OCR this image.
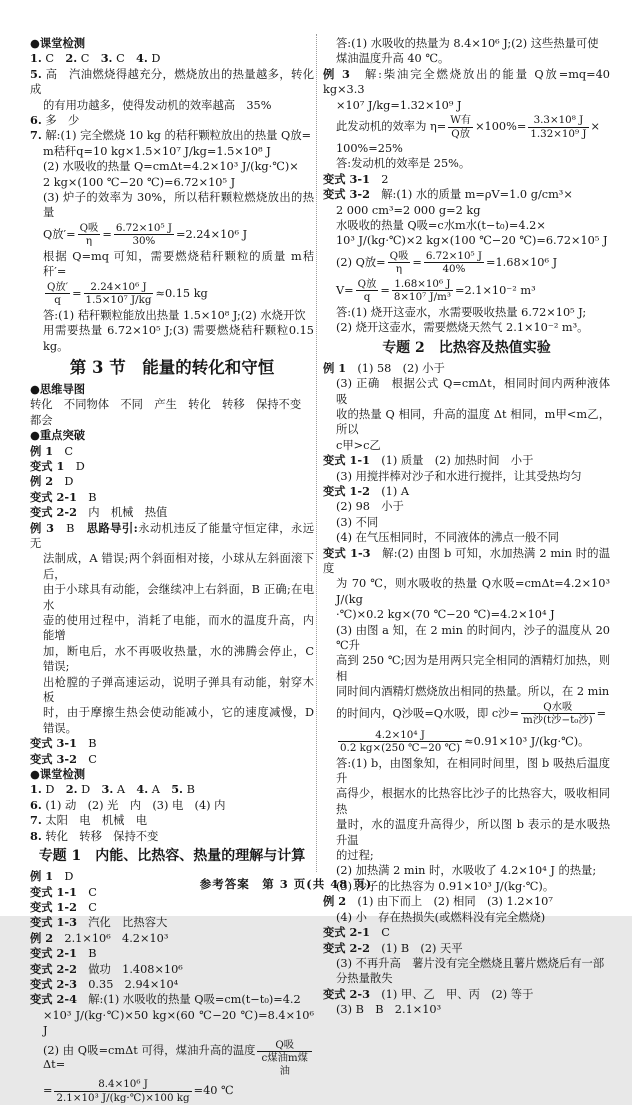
●课堂检测
1. C　2. C　3. C　4. D
5. 高　汽油燃烧得越充分，燃烧放出的热量越多，转化成
的有用功越多，使得发动机的效率越高　35%
6. 多　少
7. 解:(1) 完全燃烧 10 kg 的秸秆颗粒放出的热量 Q放=
m秸秆q=10 kg×1.5×10⁷ J/kg=1.5×10⁸ J
(2) 水吸收的热量 Q=cmΔt=4.2×10³ J/(kg·℃)×
2 kg×(100 ℃−20 ℃)=6.72×10⁵ J
(3) 炉子的效率为 30%，所以秸秆颗粒燃烧放出的热量
Q放′= $\frac{\text{Q吸}}{\eta} = \frac{\text{6.72×10⁵ J}}{30\%} =2.24\times 10^6$ J
根据 Q=mq 可知，需要燃烧秸秆颗粒的质量 m秸秆′=
$\frac{\text{Q放′}}{q} = \frac{\text{2.24×10⁶ J}}{\text{1.5×10⁷ J/kg}} \approx 0.15$ kg
答:(1) 秸秆颗粒能放出热量 1.5×10⁸ J;(2) 水烧开饮
用需要热量 6.72×10⁵ J;(3) 需要燃烧秸秆颗粒0.15 kg。
第 3 节　能量的转化和守恒
●思维导图
转化　不同物体　不同　产生　转化　转移　保持不变
都会
●重点突破
例 1　C
变式 1　D
例 2　D
变式 2-1　B
变式 2-2　内　机械　热值
例 3　B　思路导引:永动机违反了能量守恒定律，永远无
法制成，A 错误;两个斜面相对接，小球从左斜面滚下后，
由于小球具有动能，会继续冲上右斜面，B 正确;在电水
壶的使用过程中，消耗了电能，而水的温度升高，内能增
加，断电后，水不再吸收热量，水的沸腾会停止，C 错误;
出枪膛的子弹高速运动，说明子弹具有动能，射穿木板
时，由于摩擦生热会使动能减小，它的速度减慢，D 错误。
变式 3-1　B
变式 3-2　C
●课堂检测
1. D　2. D　3. A　4. A　5. B
6. (1) 动　(2) 光　内　(3) 电　(4) 内
7. 太阳　电　机械　电
8. 转化　转移　保持不变
专题 1　内能、比热容、热量的理解与计算
例 1　D
变式 1-1　C
变式 1-2　C
变式 1-3　汽化　比热容大
例 2　2.1×10⁶　4.2×10³
变式 2-1　B
变式 2-2　做功　1.408×10⁶
变式 2-3　0.35　2.94×10⁴
变式 2-4　解:(1) 水吸收的热量 Q吸=cm(t−t₀)=4.2
×10³ J/(kg·℃)×50 kg×(60 ℃−20 ℃)=8.4×10⁶ J
(2) 由 Q吸=cmΔt 可得，煤油升高的温度 Δt=	$\frac{\text{Q吸}}{\text{c煤油m煤油}}$
= $\frac{\text{8.4×10⁶ J}}{\text{2.1×10³ J/(kg·℃)×100 kg}} =40$ ℃
答:(1) 水吸收的热量为 8.4×10⁶ J;(2) 这些热量可使
煤油温度升高 40 ℃。
例 3　解:柴油完全燃烧放出的能量 Q放=mq=40 kg×3.3
×10⁷ J/kg=1.32×10⁹ J
此发动机的效率为 $\eta= \frac{\text{W有}}{\text{Q放}} \times 100\%= \frac{\text{3.3×10⁸ J}}{\text{1.32×10⁹ J}}$ ×
100%=25%
答:发动机的效率是 25%。
变式 3-1　2
变式 3-2　解:(1) 水的质量 m=ρV=1.0 g/cm³×
2 000 cm³=2 000 g=2 kg
水吸收的热量 Q吸=c水m水(t−t₀)=4.2×
10³ J/(kg·℃)×2 kg×(100 ℃−20 ℃)=6.72×10⁵ J
(2) Q放= $\frac{\text{Q吸}}{\eta} = \frac{\text{6.72×10⁵ J}}{40\%} =1.68\times 10^6$ J
$V= \frac{\text{Q放}}{q} = \frac{\text{1.68×10⁶ J}}{\text{8×10⁷ J/m³}} =2.1\times 10^{-2}$ m³
答:(1) 烧开这壶水，水需要吸收热量 6.72×10⁵ J;
(2) 烧开这壶水，需要燃烧天然气 2.1×10⁻² m³。
专题 2　比热容及热值实验
例 1　(1) 58　(2) 小于
(3) 正确　根据公式 Q=cmΔt，相同时间内两种液体吸
收的热量 Q 相同，升高的温度 Δt 相同，m甲<m乙，所以
c甲>c乙
变式 1-1　(1) 质量　(2) 加热时间　小于
(3) 用搅拌棒对沙子和水进行搅拌，让其受热均匀
变式 1-2　(1) A
(2) 98　小于
(3) 不同
(4) 在气压相同时，不同液体的沸点一般不同
变式 1-3　解:(2) 由图 b 可知，水加热满 2 min 时的温度
为 70 ℃，则水吸收的热量 Q水吸=cmΔt=4.2×10³ J/(kg
·℃)×0.2 kg×(70 ℃−20 ℃)=4.2×10⁴ J
(3) 由图 a 知，在 2 min 的时间内，沙子的温度从 20 ℃升
高到 250 ℃;因为是用两只完全相同的酒精灯加热，则相
同时间内酒精灯燃烧放出相同的热量。所以，在 2 min
的时间内，Q沙吸=Q水吸，即 c沙= $\frac{\text{Q水吸}}{\text{m沙(t沙−t₀沙)}}$ =
$\frac{\text{4.2×10⁴ J}}{0.2 kg\times(250 ℃-20 ℃)} \approx 0.91\times 10^3$ J/(kg·℃)。
答:(1) b，由图象知，在相同时间里，图 b 吸热后温度升
高得少，根据水的比热容比沙子的比热容大，吸收相同热
量时，水的温度升高得少，所以图 b 表示的是水吸热升温
的过程;
(2) 加热满 2 min 时，水吸收了 4.2×10⁴ J 的热量;
(3) 沙子的比热容为 0.91×10³ J/(kg·℃)。
例 2　(1) 由下而上　(2) 相同　(3) 1.2×10⁷
(4) 小　存在热损失(或燃料没有完全燃烧)
变式 2-1　C
变式 2-2　(1) B　(2) 天平
(3) 不再升高　薯片没有完全燃烧且薯片燃烧后有一部
分热量散失
变式 2-3　(1) 甲、乙　甲、丙　(2) 等于
(3) B　B　2.1×10³
参考答案　第 3 页(共 48 页)
